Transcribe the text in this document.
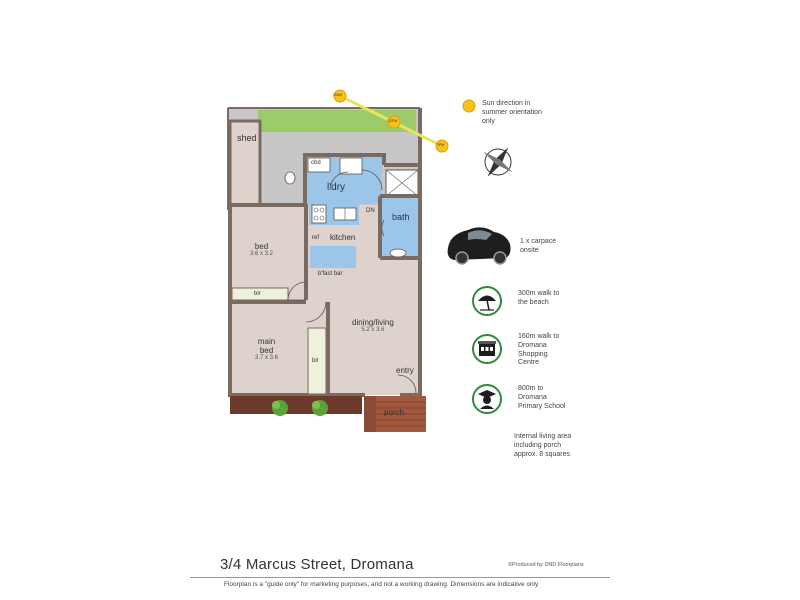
shed
cbd
l'dry
DN
bath
ref kitchen
b'fast bar
bed
3.6 x 3.2
bir
main
bed
3.7 x 3.6	bir
dining/living
5.2 x 3.6
entry
porch
12AM
12PM
3PM
Sun direction in
summer orientation
only
1 x carpace
onsite
300m walk to
the beach
160m walk to
Dromana
Shopping
Centre
800m to
Dromana
Primary School
Internal living area
including porch
approx. 8 squares
3/4 Marcus Street, Dromana	©Produced by DND Floorplans
Floorplan is a "guide only" for marketing purposes, and not a working drawing. Dimensions are indicative only
